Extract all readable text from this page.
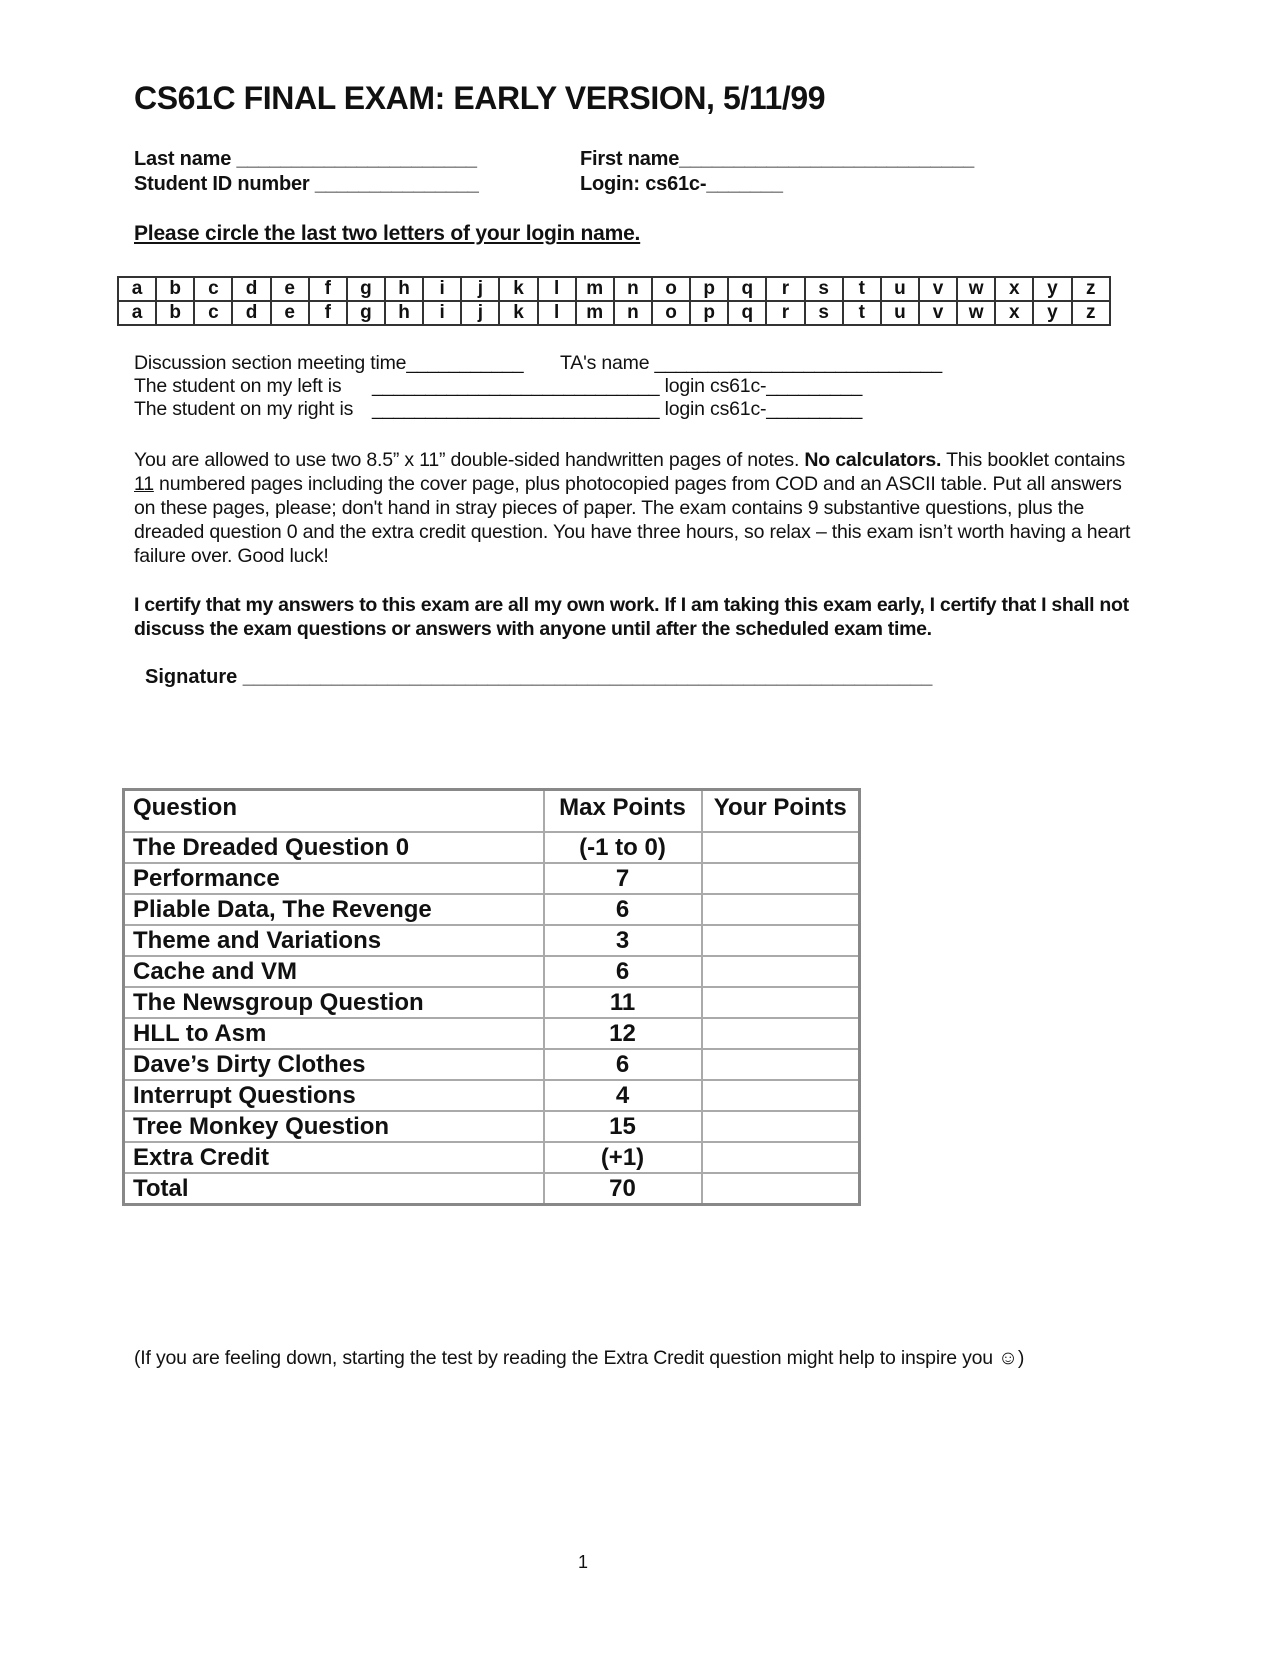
CS61C FINAL EXAM: EARLY VERSION, 5/11/99
Last name ______________________	First name___________________________
Student ID number _______________	Login: cs61c-_______
Please circle the last two letters of your login name.
a	b	c	d	e	f	g	h	i	j	k	l	m	n	o	p	q	r	s	t	u	v	w	x	y	z
a	b	c	d	e	f	g	h	i	j	k	l	m	n	o	p	q	r	s	t	u	v	w	x	y	z
Discussion section meeting time___________ TA's name ___________________________
The student on my left is ___________________________ login cs61c-_________
The student on my right is ___________________________ login cs61c-_________
You are allowed to use two 8.5” x 11” double-sided handwritten pages of notes. No calculators. This booklet contains 11 numbered pages including the cover page, plus photocopied pages from COD and an ASCII table. Put all answers on these pages, please; don't hand in stray pieces of paper. The exam contains 9 substantive questions, plus the dreaded question 0 and the extra credit question. You have three hours, so relax – this exam isn’t worth having a heart failure over. Good luck!
I certify that my answers to this exam are all my own work. If I am taking this exam early, I certify that I shall not discuss the exam questions or answers with anyone until after the scheduled exam time.
Signature ______________________________________________________________
Question	Max Points	Your Points
The Dreaded Question 0	(-1 to 0)	
Performance	7	
Pliable Data, The Revenge	6	
Theme and Variations	3	
Cache and VM	6	
The Newsgroup Question	11	
HLL to Asm	12	
Dave’s Dirty Clothes	6	
Interrupt Questions	4	
Tree Monkey Question	15	
Extra Credit	(+1)	
Total	70	
(If you are feeling down, starting the test by reading the Extra Credit question might help to inspire you ☺)
1
